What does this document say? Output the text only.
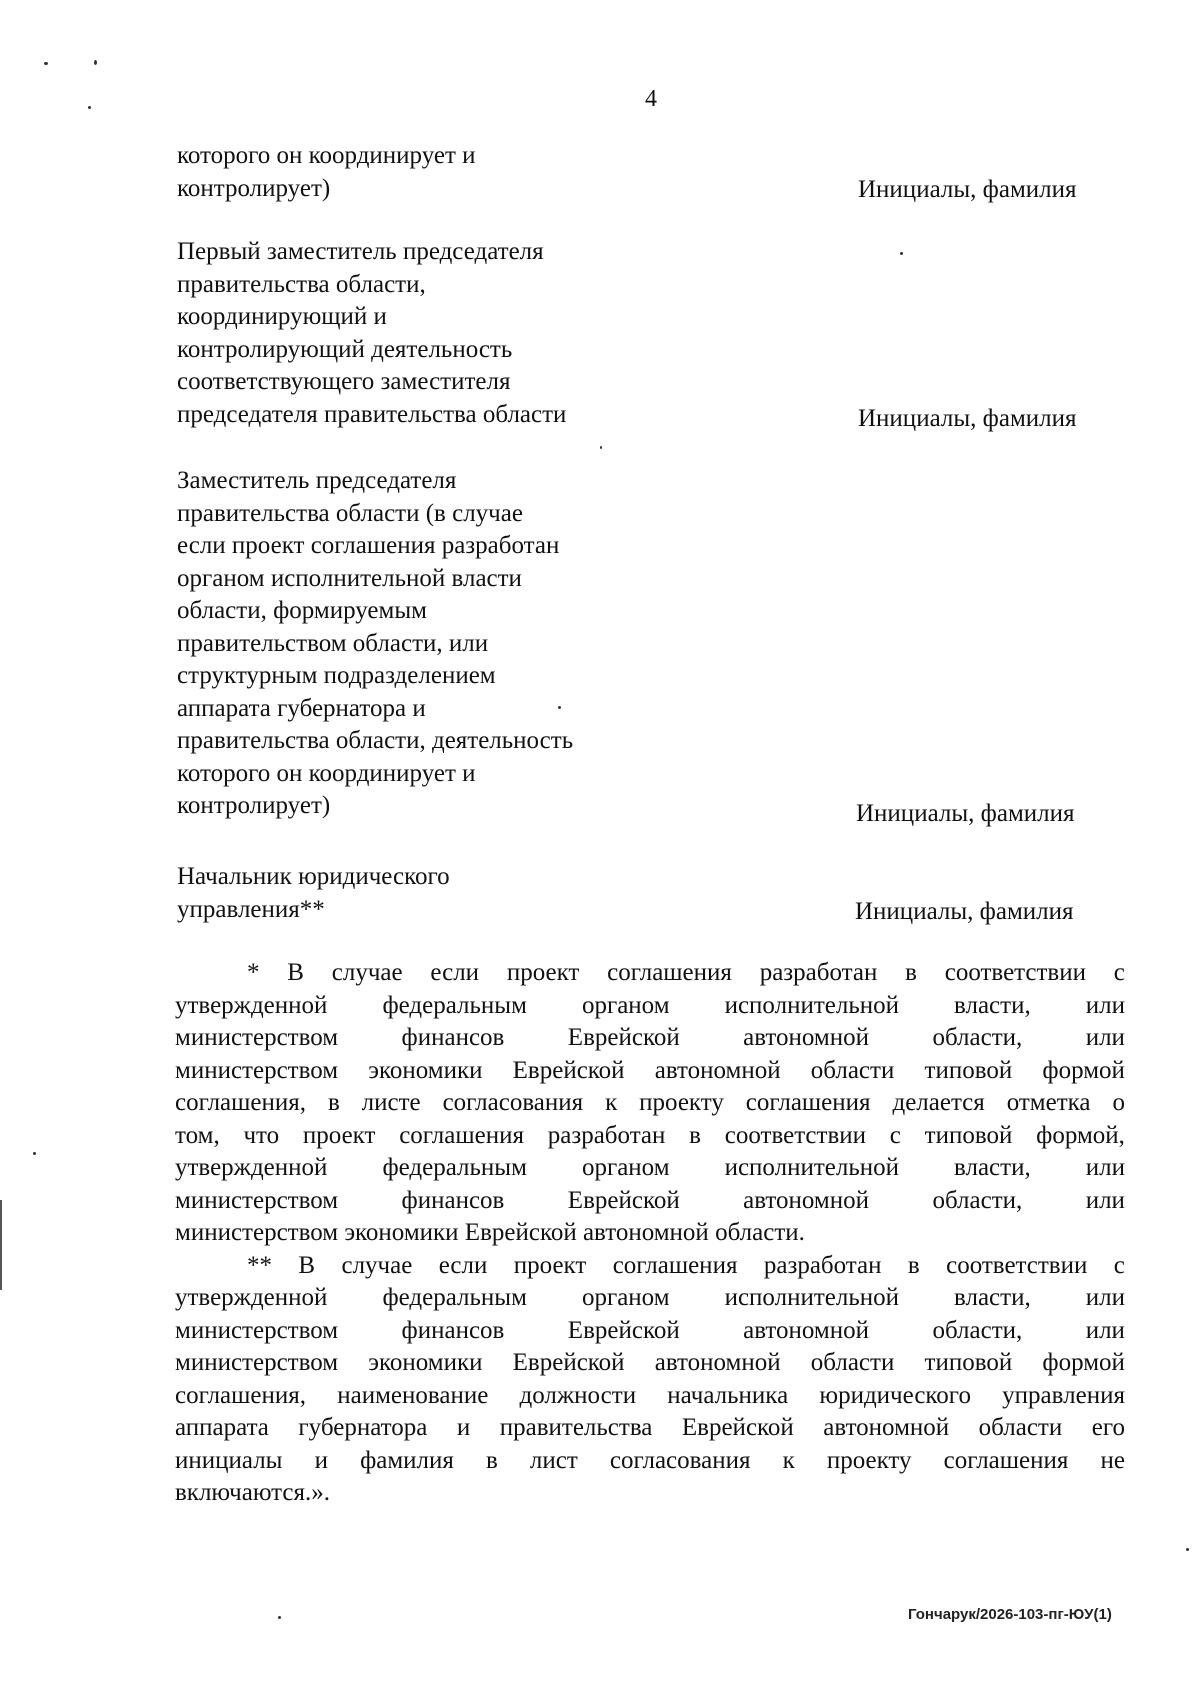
4
которого он координирует и
контролирует)	Инициалы, фамилия
Первый заместитель председателя
правительства области,
координирующий и
контролирующий деятельность
соответствующего заместителя
председателя правительства области	Инициалы, фамилия
Заместитель председателя
правительства области (в случае
если проект соглашения разработан
органом исполнительной власти
области, формируемым
правительством области, или
структурным подразделением
аппарата губернатора и
правительства области, деятельность
которого он координирует и
контролирует)	Инициалы, фамилия
Начальник юридического
управления**	Инициалы, фамилия
* В случае если проект соглашения разработан в соответствии с
утвержденной федеральным органом исполнительной власти, или
министерством	финансов	Еврейской	автономной	области,	или
министерством экономики Еврейской автономной области типовой формой
соглашения, в листе согласования к проекту соглашения делается отметка о
том, что проект соглашения разработан в соответствии с типовой формой,
утвержденной федеральным органом исполнительной власти, или
министерством	финансов	Еврейской	автономной	области,	или
министерством экономики Еврейской автономной области.
** В случае если проект соглашения разработан в соответствии с
утвержденной федеральным органом исполнительной власти, или
министерством	финансов	Еврейской	автономной	области,	или
министерством экономики Еврейской автономной области типовой формой
соглашения, наименование должности начальника юридического управления
аппарата губернатора и правительства Еврейской автономной области его
инициалы и фамилия в лист согласования к проекту соглашения не
включаются.».
Гончарук/2026-103-пг-ЮУ(1)
